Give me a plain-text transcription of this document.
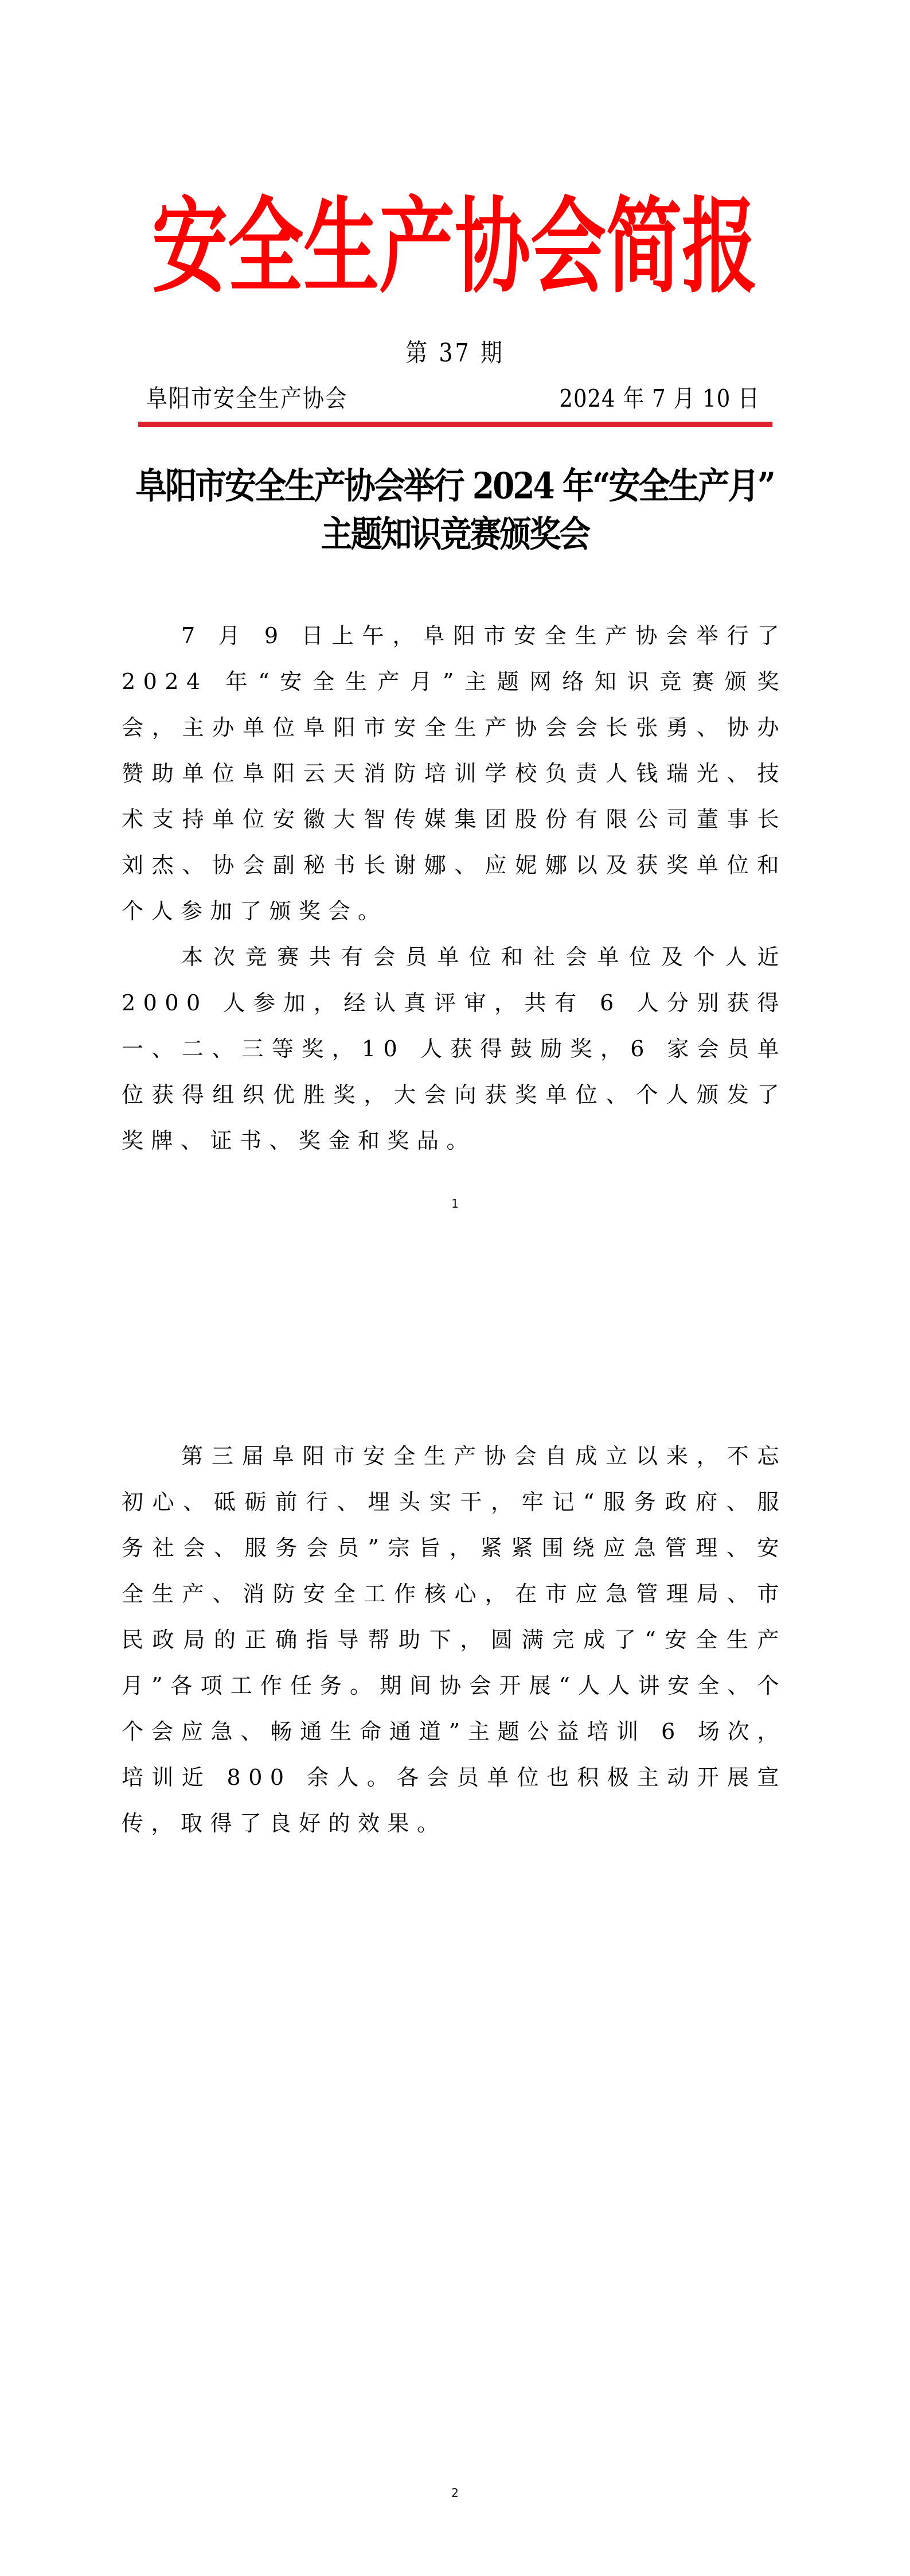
安全生产协会简报
第 37 期
阜阳市安全生产协会	2024 年 7 月 10 日
阜阳市安全生产协会举行 2024 年“安全生产月”
主题知识竞赛颁奖会

7 月 9 日上午，阜阳市安全生产协会举行了 2024 年“安全生产月”主题网络知识竞赛颁奖会，主办单位阜阳市安全生产协会会长张勇、协办赞助单位阜阳云天消防培训学校负责人钱瑞光、技术支持单位安徽大智传媒集团股份有限公司董事长刘杰、协会副秘书长谢娜、应妮娜以及获奖单位和个人参加了颁奖会。

本次竞赛共有会员单位和社会单位及个人近 2000 人参加，经认真评审，共有 6 人分别获得一、二、三等奖，10 人获得鼓励奖，6 家会员单位获得组织优胜奖，大会向获奖单位、个人颁发了奖牌、证书、奖金和奖品。

1
2

第三届阜阳市安全生产协会自成立以来，不忘初心、砥砺前行、埋头实干，牢记“服务政府、服务社会、服务会员”宗旨，紧紧围绕应急管理、安全生产、消防安全工作核心，在市应急管理局、市民政局的正确指导帮助下，圆满完成了“安全生产月”各项工作任务。期间协会开展“人人讲安全、个个会应急、畅通生命通道”主题公益培训 6 场次，培训近 800 余人。各会员单位也积极主动开展宣传，取得了良好的效果。
